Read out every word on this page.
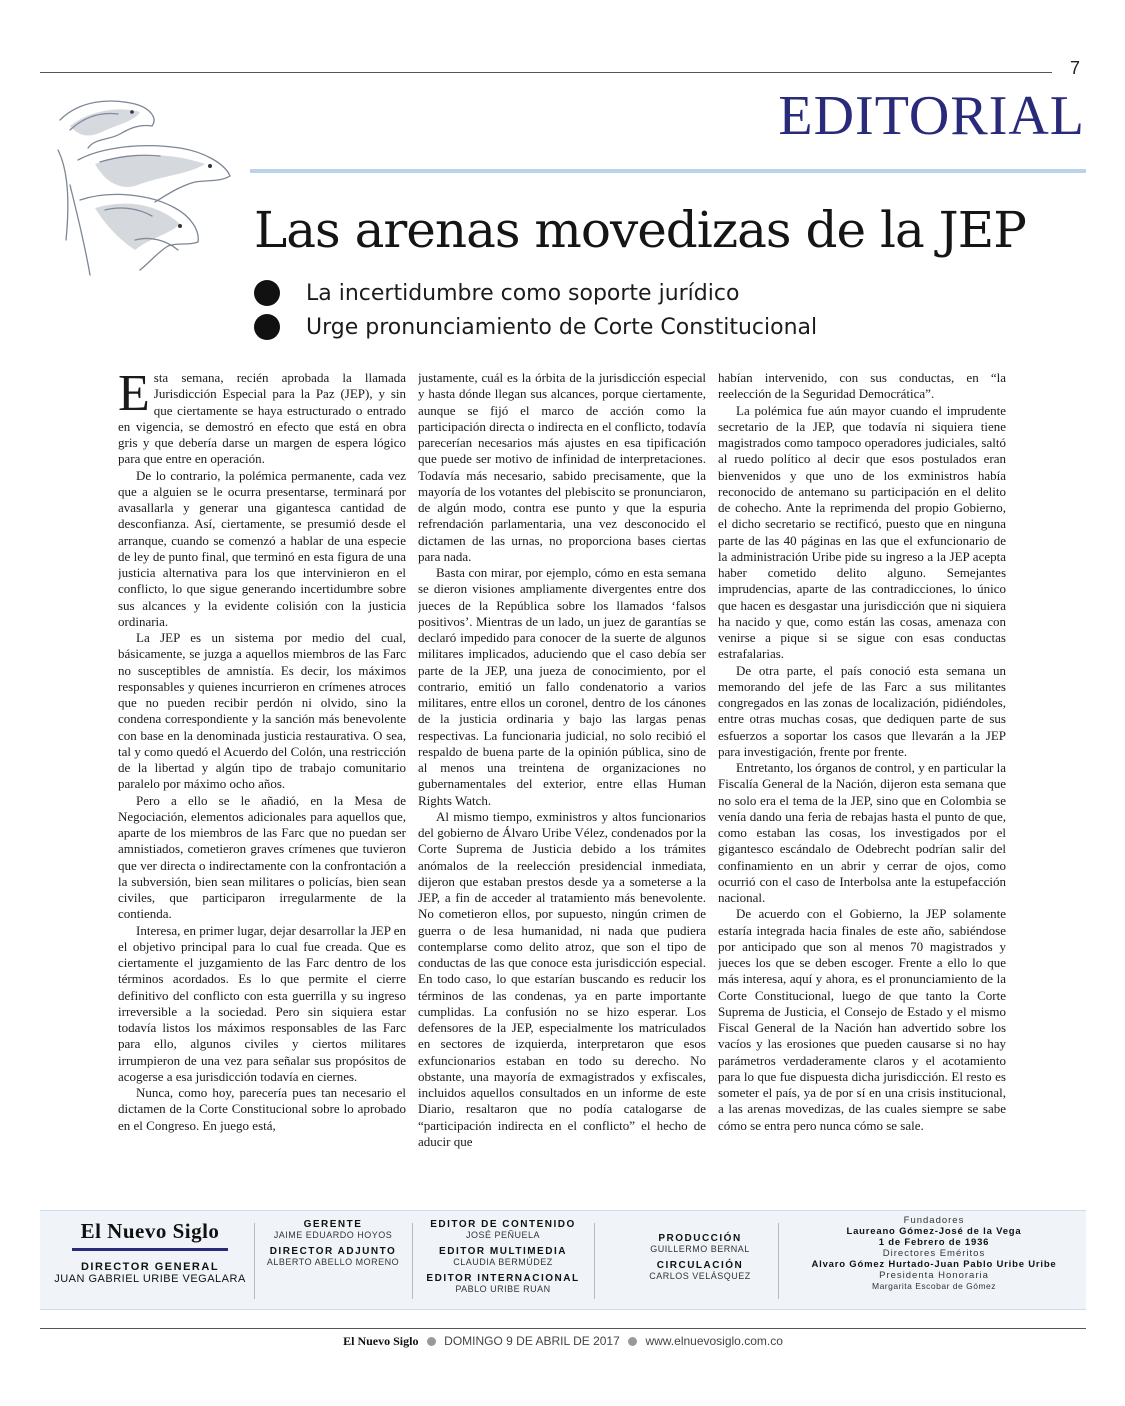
7
EDITORIAL
Las arenas movedizas de la JEP
La incertidumbre como soporte jurídico
Urge pronunciamiento de Corte Constitucional

Esta semana, recién aprobada la llamada Jurisdicción Especial para la Paz (JEP), y sin que ciertamente se haya estructurado o entrado en vigencia, se demostró en efecto que está en obra gris y que debería darse un margen de espera lógico para que entre en operación.

De lo contrario, la polémica permanente, cada vez que a alguien se le ocurra presentarse, terminará por avasallarla y generar una gigantesca cantidad de desconfianza. Así, ciertamente, se presumió desde el arranque, cuando se comenzó a hablar de una especie de ley de punto final, que terminó en esta figura de una justicia alternativa para los que intervinieron en el conflicto, lo que sigue generando incertidumbre sobre sus alcances y la evidente colisión con la justicia ordinaria.

La JEP es un sistema por medio del cual, básicamente, se juzga a aquellos miembros de las Farc no susceptibles de amnistía. Es decir, los máximos responsables y quienes incurrieron en crímenes atroces que no pueden recibir perdón ni olvido, sino la condena correspondiente y la sanción más benevolente con base en la denominada justicia restaurativa. O sea, tal y como quedó el Acuerdo del Colón, una restricción de la libertad y algún tipo de trabajo comunitario paralelo por máximo ocho años.

Pero a ello se le añadió, en la Mesa de Negociación, elementos adicionales para aquellos que, aparte de los miembros de las Farc que no puedan ser amnistiados, cometieron graves crímenes que tuvieron que ver directa o indirectamente con la confrontación a la subversión, bien sean militares o policías, bien sean civiles, que participaron irregularmente de la contienda.

Interesa, en primer lugar, dejar desarrollar la JEP en el objetivo principal para lo cual fue creada. Que es ciertamente el juzgamiento de las Farc dentro de los términos acordados. Es lo que permite el cierre definitivo del conflicto con esta guerrilla y su ingreso irreversible a la sociedad. Pero sin siquiera estar todavía listos los máximos responsables de las Farc para ello, algunos civiles y ciertos militares irrumpieron de una vez para señalar sus propósitos de acogerse a esa jurisdicción todavía en ciernes.

Nunca, como hoy, parecería pues tan necesario el dictamen de la Corte Constitucional sobre lo aprobado en el Congreso. En juego está,

justamente, cuál es la órbita de la jurisdicción especial y hasta dónde llegan sus alcances, porque ciertamente, aunque se fijó el marco de acción como la participación directa o indirecta en el conflicto, todavía parecerían necesarios más ajustes en esa tipificación que puede ser motivo de infinidad de interpretaciones. Todavía más necesario, sabido precisamente, que la mayoría de los votantes del plebiscito se pronunciaron, de algún modo, contra ese punto y que la espuria refrendación parlamentaria, una vez desconocido el dictamen de las urnas, no proporciona bases ciertas para nada.

Basta con mirar, por ejemplo, cómo en esta semana se dieron visiones ampliamente divergentes entre dos jueces de la República sobre los llamados ‘falsos positivos’. Mientras de un lado, un juez de garantías se declaró impedido para conocer de la suerte de algunos militares implicados, aduciendo que el caso debía ser parte de la JEP, una jueza de conocimiento, por el contrario, emitió un fallo condenatorio a varios militares, entre ellos un coronel, dentro de los cánones de la justicia ordinaria y bajo las largas penas respectivas. La funcionaria judicial, no solo recibió el respaldo de buena parte de la opinión pública, sino de al menos una treintena de organizaciones no gubernamentales del exterior, entre ellas Human Rights Watch.

Al mismo tiempo, exministros y altos funcionarios del gobierno de Álvaro Uribe Vélez, condenados por la Corte Suprema de Justicia debido a los trámites anómalos de la reelección presidencial inmediata, dijeron que estaban prestos desde ya a someterse a la JEP, a fin de acceder al tratamiento más benevolente. No cometieron ellos, por supuesto, ningún crimen de guerra o de lesa humanidad, ni nada que pudiera contemplarse como delito atroz, que son el tipo de conductas de las que conoce esta jurisdicción especial. En todo caso, lo que estarían buscando es reducir los términos de las condenas, ya en parte importante cumplidas. La confusión no se hizo esperar. Los defensores de la JEP, especialmente los matriculados en sectores de izquierda, interpretaron que esos exfuncionarios estaban en todo su derecho. No obstante, una mayoría de exmagistrados y exfiscales, incluidos aquellos consultados en un informe de este Diario, resaltaron que no podía catalogarse de “participación indirecta en el conflicto” el hecho de aducir que

habían intervenido, con sus conductas, en “la reelección de la Seguridad Democrática”.

La polémica fue aún mayor cuando el imprudente secretario de la JEP, que todavía ni siquiera tiene magistrados como tampoco operadores judiciales, saltó al ruedo político al decir que esos postulados eran bienvenidos y que uno de los exministros había reconocido de antemano su participación en el delito de cohecho. Ante la reprimenda del propio Gobierno, el dicho secretario se rectificó, puesto que en ninguna parte de las 40 páginas en las que el exfuncionario de la administración Uribe pide su ingreso a la JEP acepta haber cometido delito alguno. Semejantes imprudencias, aparte de las contradicciones, lo único que hacen es desgastar una jurisdicción que ni siquiera ha nacido y que, como están las cosas, amenaza con venirse a pique si se sigue con esas conductas estrafalarias.

De otra parte, el país conoció esta semana un memorando del jefe de las Farc a sus militantes congregados en las zonas de localización, pidiéndoles, entre otras muchas cosas, que dediquen parte de sus esfuerzos a soportar los casos que llevarán a la JEP para investigación, frente por frente.

Entretanto, los órganos de control, y en particular la Fiscalía General de la Nación, dijeron esta semana que no solo era el tema de la JEP, sino que en Colombia se venía dando una feria de rebajas hasta el punto de que, como estaban las cosas, los investigados por el gigantesco escándalo de Odebrecht podrían salir del confinamiento en un abrir y cerrar de ojos, como ocurrió con el caso de Interbolsa ante la estupefacción nacional.

De acuerdo con el Gobierno, la JEP solamente estaría integrada hacia finales de este año, sabiéndose por anticipado que son al menos 70 magistrados y jueces los que se deben escoger. Frente a ello lo que más interesa, aquí y ahora, es el pronunciamiento de la Corte Constitucional, luego de que tanto la Corte Suprema de Justicia, el Consejo de Estado y el mismo Fiscal General de la Nación han advertido sobre los vacíos y las erosiones que pueden causarse si no hay parámetros verdaderamente claros y el acotamiento para lo que fue dispuesta dicha jurisdicción. El resto es someter el país, ya de por sí en una crisis institucional, a las arenas movedizas, de las cuales siempre se sabe cómo se entra pero nunca cómo se sale.

El Nuevo Siglo
DIRECTOR GENERAL
JUAN GABRIEL URIBE VEGALARA
GERENTE
JAIME EDUARDO HOYOS
DIRECTOR ADJUNTO
ALBERTO ABELLO MORENO
EDITOR DE CONTENIDO
JOSÉ PEÑUELA
EDITOR MULTIMEDIA
CLAUDIA BERMÚDEZ
EDITOR INTERNACIONAL
PABLO URIBE RUAN
PRODUCCIÓN
GUILLERMO BERNAL
CIRCULACIÓN
CARLOS VELÁSQUEZ
Fundadores
Laureano Gómez-José de la Vega
1 de Febrero de 1936
Directores Eméritos
Alvaro Gómez Hurtado-Juan Pablo Uribe Uribe
Presidenta Honoraria
Margarita Escobar de Gómez
El Nuevo Siglo DOMINGO 9 DE ABRIL DE 2017 www.elnuevosiglo.com.co
